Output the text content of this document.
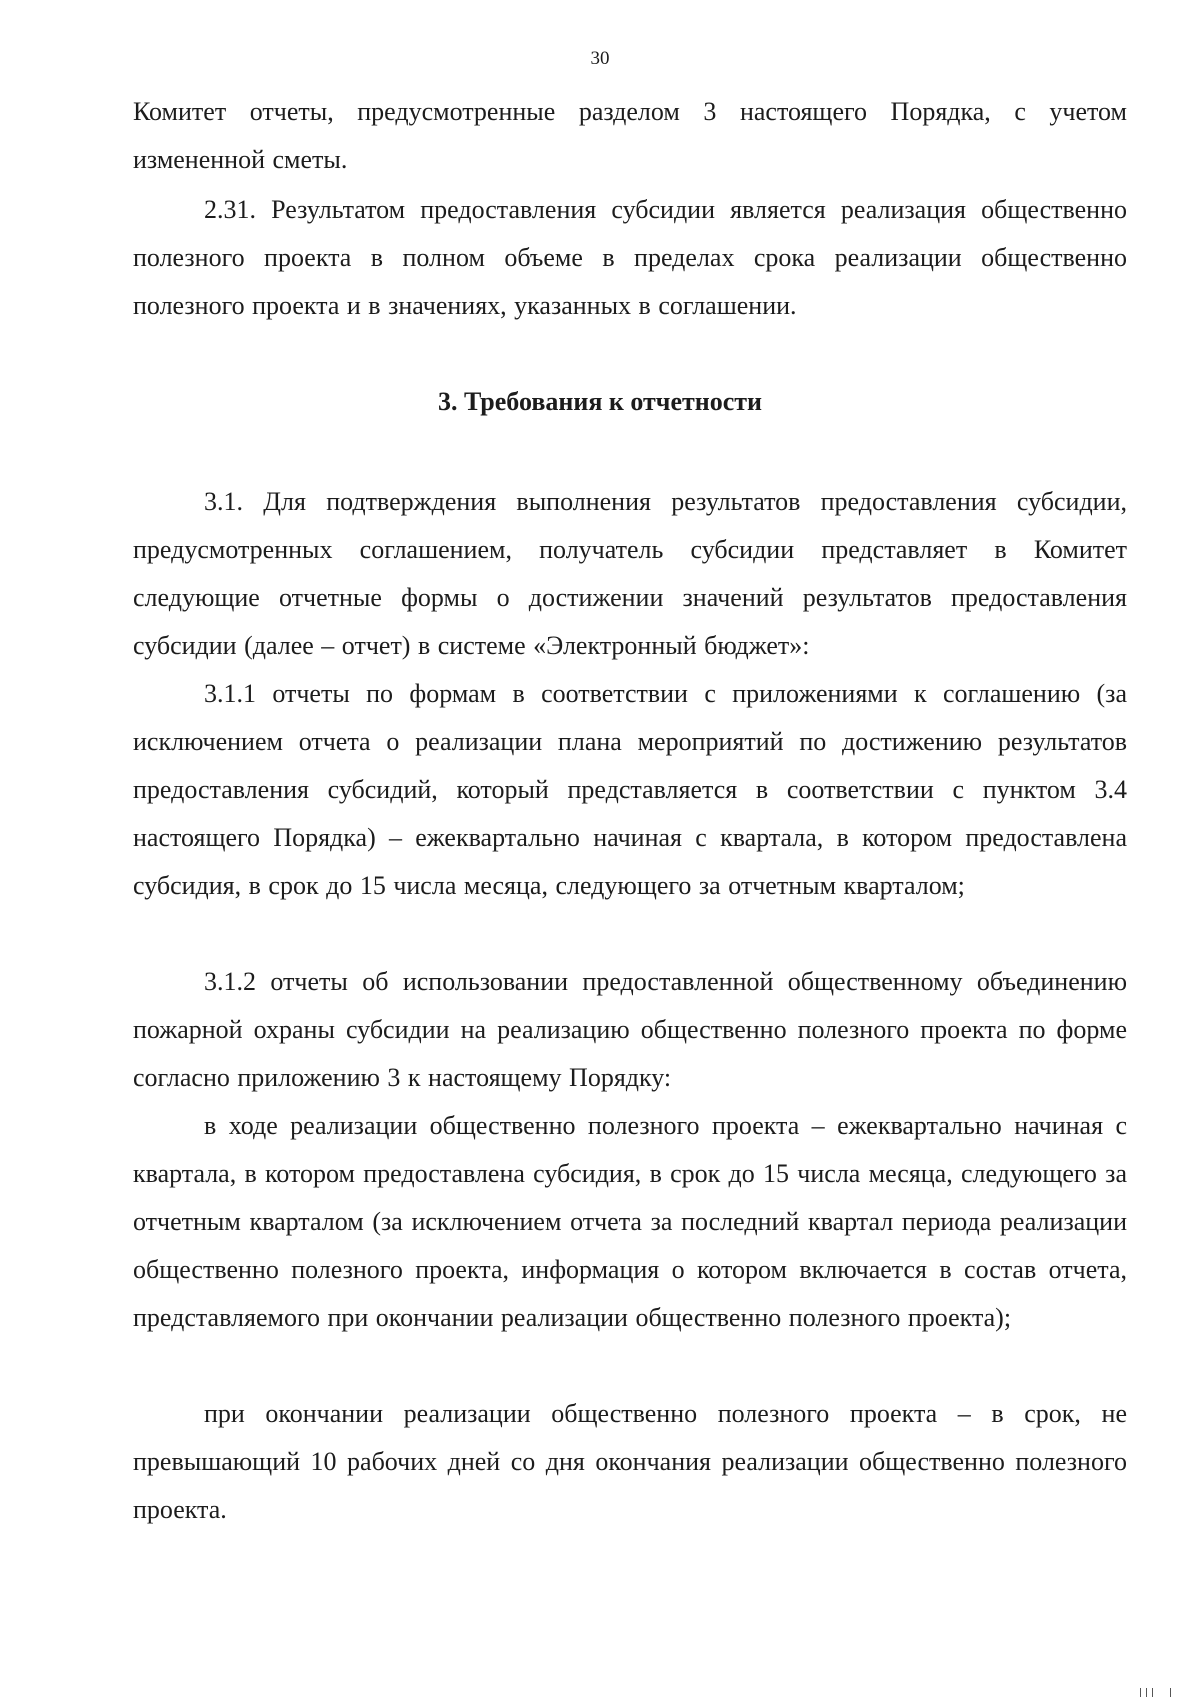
30

Комитет отчеты, предусмотренные разделом 3 настоящего Порядка, с учетом измененной сметы.

2.31. Результатом предоставления субсидии является реализация общественно полезного проекта в полном объеме в пределах срока реализации общественно полезного проекта и в значениях, указанных в соглашении.

3. Требования к отчетности

3.1. Для подтверждения выполнения результатов предоставления субсидии, предусмотренных соглашением, получатель субсидии представляет в Комитет следующие отчетные формы о достижении значений результатов предоставления субсидии (далее – отчет) в системе «Электронный бюджет»:

3.1.1 отчеты по формам в соответствии с приложениями к соглашению (за исключением отчета о реализации плана мероприятий по достижению результатов предоставления субсидий, который представляется в соответствии с пунктом 3.4 настоящего Порядка) – ежеквартально начиная с квартала, в котором предоставлена субсидия, в срок до 15 числа месяца, следующего за отчетным кварталом;

3.1.2 отчеты об использовании предоставленной общественному объединению пожарной охраны субсидии на реализацию общественно полезного проекта по форме согласно приложению 3 к настоящему Порядку:

в ходе реализации общественно полезного проекта – ежеквартально начиная с квартала, в котором предоставлена субсидия, в срок до 15 числа месяца, следующего за отчетным кварталом (за исключением отчета за последний квартал периода реализации общественно полезного проекта, информация о котором включается в состав отчета, представляемого при окончании реализации общественно полезного проекта);

при окончании реализации общественно полезного проекта – в срок, не превышающий 10 рабочих дней со дня окончания реализации общественно полезного проекта.
